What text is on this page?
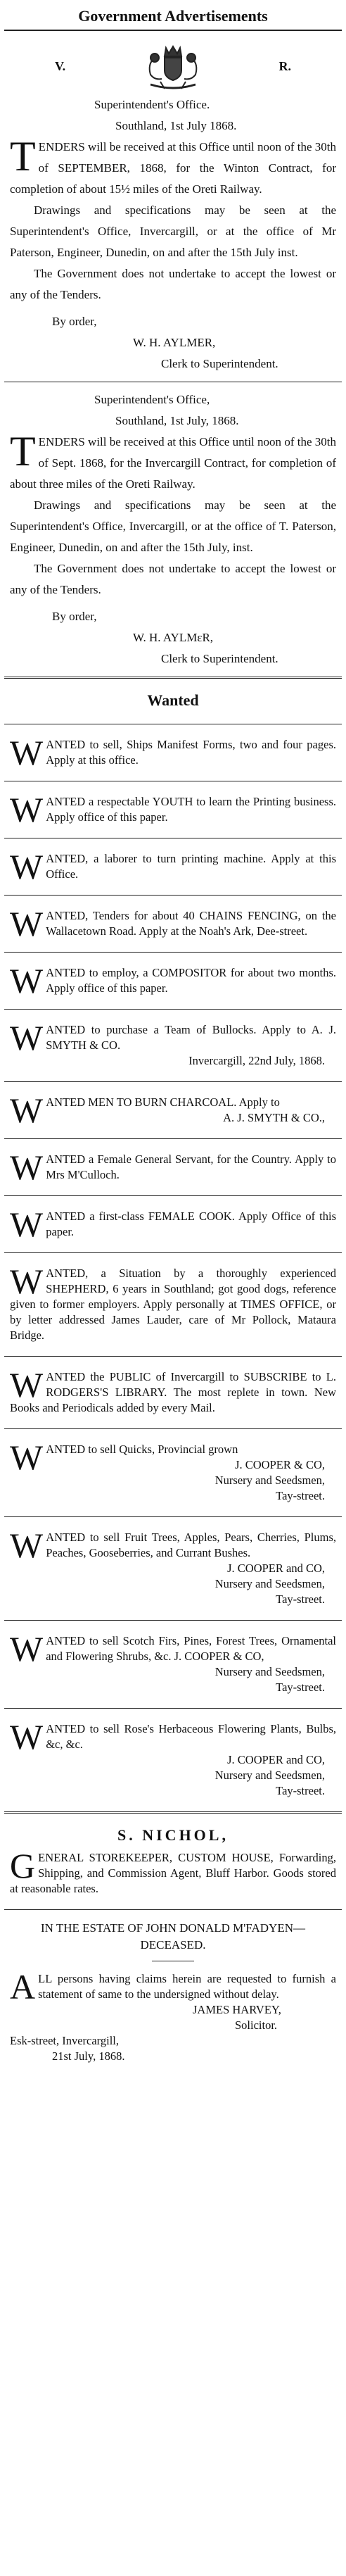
Government Advertisements
V.	R.

Superintendent's Office.

Southland, 1st July 1868.

TENDERS will be received at this Office until noon of the 30th of SEPTEMBER, 1868, for the Winton Contract, for completion of about 15½ miles of the Oreti Railway.

Drawings and specifications may be seen at the Superintendent's Office, Invercargill, or at the office of Mr Paterson, Engineer, Dunedin, on and after the 15th July inst.

The Government does not undertake to accept the lowest or any of the Tenders.

By order,

W. H. AYLMER,

Clerk to Superintendent.

Superintendent's Office,

Southland, 1st July, 1868.

TENDERS will be received at this Office until noon of the 30th of Sept. 1868, for the Invercargill Contract, for completion of about three miles of the Oreti Railway.

Drawings and specifications may be seen at the Superintendent's Office, Invercargill, or at the office of T. Paterson, Engineer, Dunedin, on and after the 15th July, inst.

The Government does not undertake to accept the lowest or any of the Tenders.

By order,

W. H. AYLMɛR,

Clerk to Superintendent.

Wanted
WANTED to sell, Ships Manifest Forms, two and four pages. Apply at this office.
WANTED a respectable YOUTH to learn the Printing business. Apply office of this paper.
WANTED, a laborer to turn printing machine. Apply at this Office.
WANTED, Tenders for about 40 CHAINS FENCING, on the Wallacetown Road. Apply at the Noah's Ark, Dee-street.
WANTED to employ, a COMPOSITOR for about two months. Apply office of this paper.
WANTED to purchase a Team of Bullocks. Apply to A. J. SMYTH & CO.
Invercargill, 22nd July, 1868.
WANTED MEN TO BURN CHARCOAL. Apply to
A. J. SMYTH & CO.,
WANTED a Female General Servant, for the Country. Apply to Mrs M'Culloch.
WANTED a first-class FEMALE COOK. Apply Office of this paper.
WANTED, a Situation by a thoroughly experienced SHEPHERD, 6 years in Southland; got good dogs, reference given to former employers. Apply personally at TIMES OFFICE, or by letter addressed James Lauder, care of Mr Pollock, Mataura Bridge.
WANTED the PUBLIC of Invercargill to SUBSCRIBE to L. RODGERS'S LIBRARY. The most replete in town. New Books and Periodicals added by every Mail.
WANTED to sell Quicks, Provincial grown
J. COOPER & CO,
Nursery and Seedsmen,
Tay-street.
WANTED to sell Fruit Trees, Apples, Pears, Cherries, Plums, Peaches, Gooseberries, and Currant Bushes.
J. COOPER and CO,
Nursery and Seedsmen,
Tay-street.
WANTED to sell Scotch Firs, Pines, Forest Trees, Ornamental and Flowering Shrubs, &c. J. COOPER & CO,
Nursery and Seedsmen,
Tay-street.
WANTED to sell Rose's Herbaceous Flowering Plants, Bulbs, &c, &c.
J. COOPER and CO,
Nursery and Seedsmen,
Tay-street.
S. NICHOL,
GENERAL STOREKEEPER, CUSTOM HOUSE, Forwarding, Shipping, and Commission Agent, Bluff Harbor. Goods stored at reasonable rates.
IN THE ESTATE OF JOHN DONALD M'FADYEN—DECEASED.
ALL persons having claims herein are requested to furnish a statement of same to the undersigned without delay.
JAMES HARVEY,
Solicitor.
Esk-street, Invercargill,
21st July, 1868.
